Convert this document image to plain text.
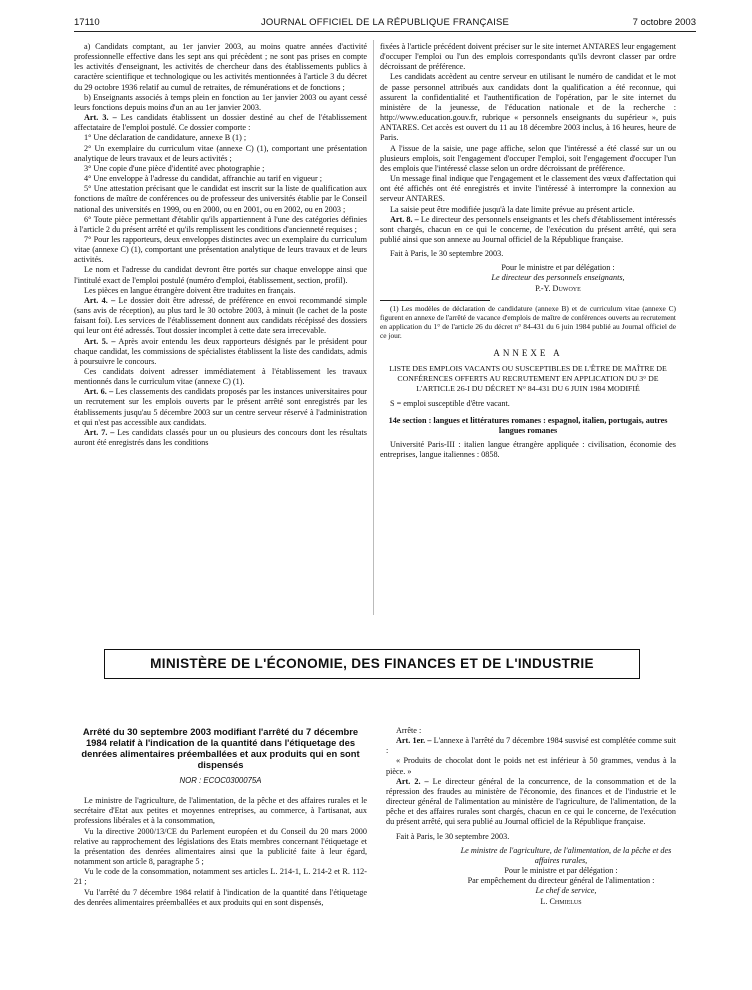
17110	JOURNAL OFFICIEL DE LA RÉPUBLIQUE FRANÇAISE	7 octobre 2003

a) Candidats comptant, au 1er janvier 2003, au moins quatre années d'activité professionnelle effective dans les sept ans qui précèdent ; ne sont pas prises en compte les activités d'enseignant, les activités de chercheur dans des établissements publics à caractère scientifique et technologique ou les activités mentionnées à l'article 3 du décret du 29 octobre 1936 relatif au cumul de retraites, de rémunérations et de fonctions ;

b) Enseignants associés à temps plein en fonction au 1er janvier 2003 ou ayant cessé leurs fonctions depuis moins d'un an au 1er janvier 2003.

Art. 3. – Les candidats établissent un dossier destiné au chef de l'établissement affectataire de l'emploi postulé. Ce dossier comporte :

1° Une déclaration de candidature, annexe B (1) ;

2° Un exemplaire du curriculum vitae (annexe C) (1), comportant une présentation analytique de leurs travaux et de leurs activités ;

3° Une copie d'une pièce d'identité avec photographie ;

4° Une enveloppe à l'adresse du candidat, affranchie au tarif en vigueur ;

5° Une attestation précisant que le candidat est inscrit sur la liste de qualification aux fonctions de maître de conférences ou de professeur des universités établie par le Conseil national des universités en 1999, ou en 2000, ou en 2001, ou en 2002, ou en 2003 ;

6° Toute pièce permettant d'établir qu'ils appartiennent à l'une des catégories définies à l'article 2 du présent arrêté et qu'ils remplissent les conditions d'ancienneté requises ;

7° Pour les rapporteurs, deux enveloppes distinctes avec un exemplaire du curriculum vitae (annexe C) (1), comportant une présentation analytique de leurs travaux et de leurs activités.

Le nom et l'adresse du candidat devront être portés sur chaque enveloppe ainsi que l'intitulé exact de l'emploi postulé (numéro d'emploi, établissement, section, profil).

Les pièces en langue étrangère doivent être traduites en français.

Art. 4. – Le dossier doit être adressé, de préférence en envoi recommandé simple (sans avis de réception), au plus tard le 30 octobre 2003, à minuit (le cachet de la poste faisant foi). Les services de l'établissement donnent aux candidats récépissé des dossiers qui leur ont été adressés. Tout dossier incomplet à cette date sera irrecevable.

Art. 5. – Après avoir entendu les deux rapporteurs désignés par le président pour chaque candidat, les commissions de spécialistes établissent la liste des candidats, admis à poursuivre le concours.

Ces candidats doivent adresser immédiatement à l'établissement les travaux mentionnés dans le curriculum vitae (annexe C) (1).

Art. 6. – Les classements des candidats proposés par les instances universitaires pour un recrutement sur les emplois ouverts par le présent arrêté sont enregistrés par les établissements jusqu'au 5 décembre 2003 sur un centre serveur réservé à l'administration et qui n'est pas accessible aux candidats.

Art. 7. – Les candidats classés pour un ou plusieurs des concours dont les résultats auront été enregistrés dans les conditions

fixées à l'article précédent doivent préciser sur le site internet ANTARES leur engagement d'occuper l'emploi ou l'un des emplois correspondants qu'ils devront classer par ordre décroissant de préférence.

Les candidats accèdent au centre serveur en utilisant le numéro de candidat et le mot de passe personnel attribués aux candidats dont la qualification a été reconnue, qui assurent la confidentialité et l'authentification de l'opération, par le site internet du ministère de la jeunesse, de l'éducation nationale et de la recherche : http://www.education.gouv.fr, rubrique « personnels enseignants du supérieur », puis ANTARES. Cet accès est ouvert du 11 au 18 décembre 2003 inclus, à 16 heures, heure de Paris.

A l'issue de la saisie, une page affiche, selon que l'intéressé a été classé sur un ou plusieurs emplois, soit l'engagement d'occuper l'emploi, soit l'engagement d'occuper l'un des emplois que l'intéressé classe selon un ordre décroissant de préférence.

Un message final indique que l'engagement et le classement des vœux d'affectation qui ont été affichés ont été enregistrés et invite l'intéressé à interrompre la connexion au serveur ANTARES.

La saisie peut être modifiée jusqu'à la date limite prévue au présent article.

Art. 8. – Le directeur des personnels enseignants et les chefs d'établissement intéressés sont chargés, chacun en ce qui le concerne, de l'exécution du présent arrêté, qui sera publié ainsi que son annexe au Journal officiel de la République française.

Fait à Paris, le 30 septembre 2003.

Pour le ministre et par délégation :

Le directeur des personnels enseignants,

P.-Y. Duwoye

(1) Les modèles de déclaration de candidature (annexe B) et de curriculum vitae (annexe C) figurent en annexe de l'arrêté de vacance d'emplois de maître de conférences ouverts au recrutement en application du 1° de l'article 26 du décret n° 84-431 du 6 juin 1984 publié au Journal officiel de ce jour.

ANNEXE A

LISTE DES EMPLOIS VACANTS OU SUSCEPTIBLES DE L'ÊTRE DE MAÎTRE DE CONFÉRENCES OFFERTS AU RECRUTEMENT EN APPLICATION DU 3° DE L'ARTICLE 26-I DU DÉCRET N° 84-431 DU 6 JUIN 1984 MODIFIÉ

S = emploi susceptible d'être vacant.

14e section : langues et littératures romanes : espagnol, italien, portugais, autres langues romanes

Université Paris-III : italien langue étrangère appliquée : civilisation, économie des entreprises, langue italiennes : 0858.

MINISTÈRE DE L'ÉCONOMIE, DES FINANCES ET DE L'INDUSTRIE
Arrêté du 30 septembre 2003 modifiant l'arrêté du 7 décembre 1984 relatif à l'indication de la quantité dans l'étiquetage des denrées alimentaires préemballées et aux produits qui en sont dispensés
NOR : ECOC0300075A

Le ministre de l'agriculture, de l'alimentation, de la pêche et des affaires rurales et le secrétaire d'Etat aux petites et moyennes entreprises, au commerce, à l'artisanat, aux professions libérales et à la consommation,

Vu la directive 2000/13/CE du Parlement européen et du Conseil du 20 mars 2000 relative au rapprochement des législations des Etats membres concernant l'étiquetage et la présentation des denrées alimentaires ainsi que la publicité faite à leur égard, notamment son article 8, paragraphe 5 ;

Vu le code de la consommation, notamment ses articles L. 214-1, L. 214-2 et R. 112-21 ;

Vu l'arrêté du 7 décembre 1984 relatif à l'indication de la quantité dans l'étiquetage des denrées alimentaires préemballées et aux produits qui en sont dispensés,

Arrête :

Art. 1er. – L'annexe à l'arrêté du 7 décembre 1984 susvisé est complétée comme suit :

« Produits de chocolat dont le poids net est inférieur à 50 grammes, vendus à la pièce. »

Art. 2. – Le directeur général de la concurrence, de la consommation et de la répression des fraudes au ministère de l'économie, des finances et de l'industrie et le directeur général de l'alimentation au ministère de l'agriculture, de l'alimentation, de la pêche et des affaires rurales sont chargés, chacun en ce qui le concerne, de l'exécution du présent arrêté, qui sera publié au Journal officiel de la République française.

Fait à Paris, le 30 septembre 2003.

Le ministre de l'agriculture, de l'alimentation, de la pêche et des affaires rurales,

Pour le ministre et par délégation :

Par empêchement du directeur général de l'alimentation :

Le chef de service,

L. Chmielus
